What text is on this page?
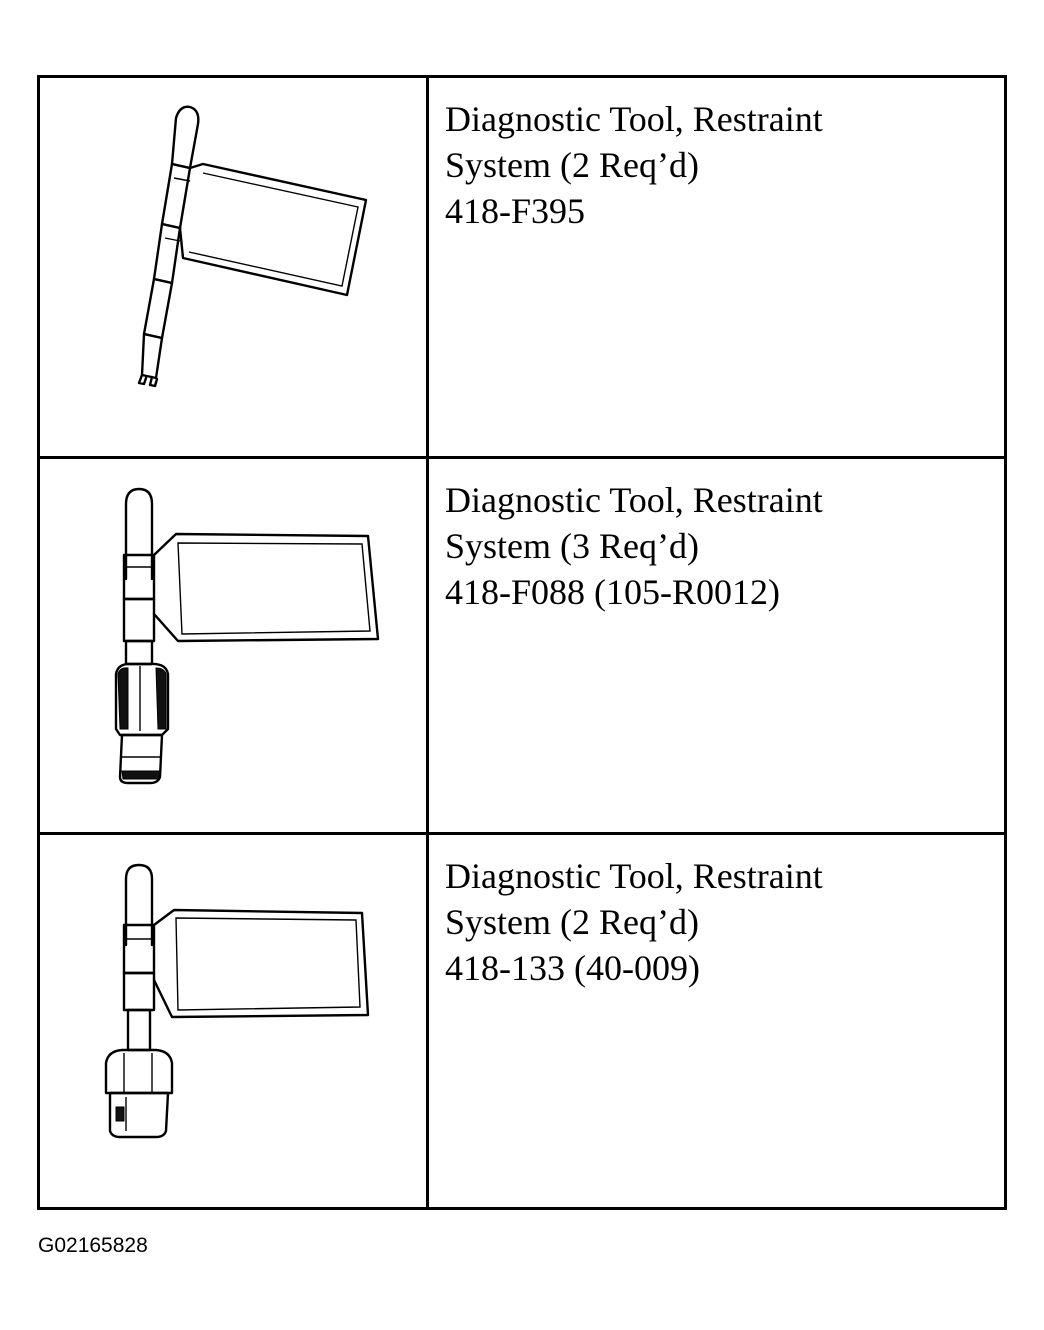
Diagnostic Tool, Restraint
System (2 Req’d)
418-F395
Diagnostic Tool, Restraint
System (3 Req’d)
418-F088 (105-R0012)
Diagnostic Tool, Restraint
System (2 Req’d)
418-133 (40-009)
G02165828
